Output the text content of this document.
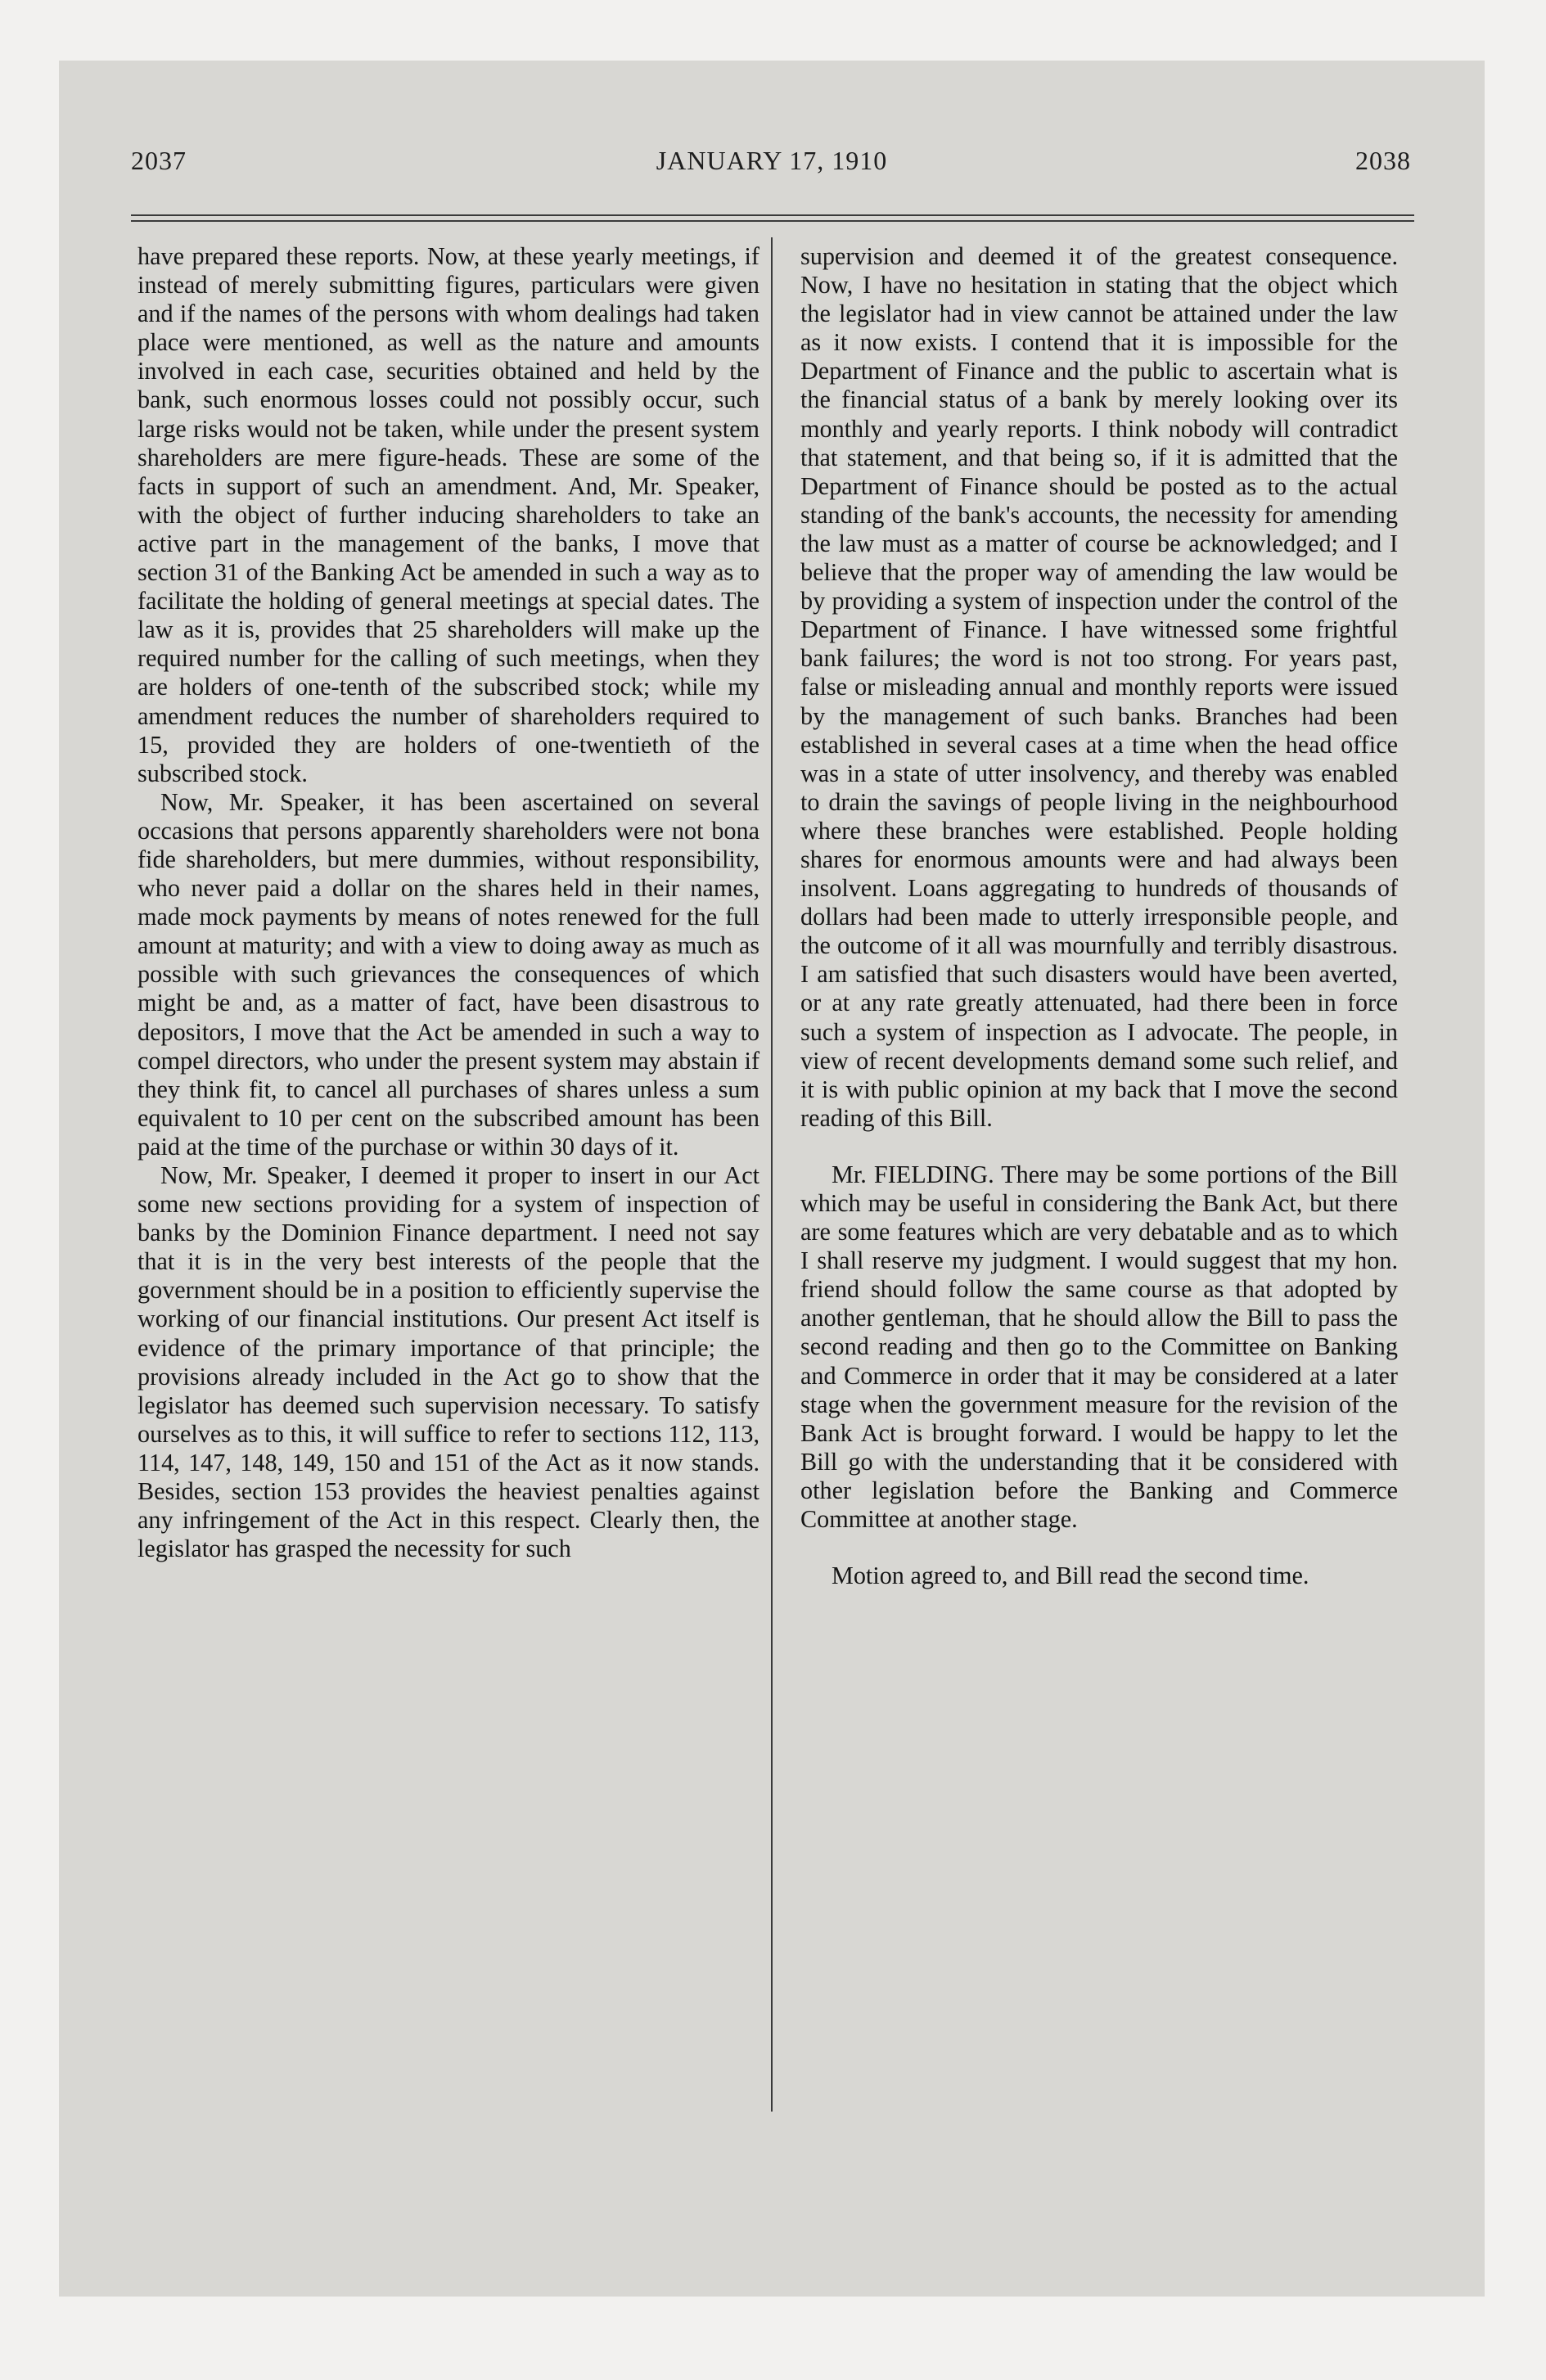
2037	JANUARY 17, 1910	2038

have prepared these reports. Now, at these yearly meetings, if instead of merely submitting figures, particulars were given and if the names of the persons with whom dealings had taken place were mentioned, as well as the nature and amounts involved in each case, securities obtained and held by the bank, such enormous losses could not possibly occur, such large risks would not be taken, while under the present system shareholders are mere figure-heads. These are some of the facts in support of such an amendment. And, Mr. Speaker, with the object of further inducing shareholders to take an active part in the management of the banks, I move that section 31 of the Banking Act be amended in such a way as to facilitate the holding of general meetings at special dates. The law as it is, provides that 25 shareholders will make up the required number for the calling of such meetings, when they are holders of one-tenth of the subscribed stock; while my amendment reduces the number of shareholders required to 15, provided they are holders of one-twentieth of the subscribed stock.

Now, Mr. Speaker, it has been ascertained on several occasions that persons apparently shareholders were not bona fide shareholders, but mere dummies, without responsibility, who never paid a dollar on the shares held in their names, made mock payments by means of notes renewed for the full amount at maturity; and with a view to doing away as much as possible with such grievances the consequences of which might be and, as a matter of fact, have been disastrous to depositors, I move that the Act be amended in such a way to compel directors, who under the present system may abstain if they think fit, to cancel all purchases of shares unless a sum equivalent to 10 per cent on the subscribed amount has been paid at the time of the purchase or within 30 days of it.

Now, Mr. Speaker, I deemed it proper to insert in our Act some new sections providing for a system of inspection of banks by the Dominion Finance department. I need not say that it is in the very best interests of the people that the government should be in a position to efficiently supervise the working of our financial institutions. Our present Act itself is evidence of the primary importance of that principle; the provisions already included in the Act go to show that the legislator has deemed such supervision necessary. To satisfy ourselves as to this, it will suffice to refer to sections 112, 113, 114, 147, 148, 149, 150 and 151 of the Act as it now stands. Besides, section 153 provides the heaviest penalties against any infringement of the Act in this respect. Clearly then, the legislator has grasped the necessity for such

supervision and deemed it of the greatest consequence. Now, I have no hesitation in stating that the object which the legislator had in view cannot be attained under the law as it now exists. I contend that it is impossible for the Department of Finance and the public to ascertain what is the financial status of a bank by merely looking over its monthly and yearly reports. I think nobody will contradict that statement, and that being so, if it is admitted that the Department of Finance should be posted as to the actual standing of the bank's accounts, the necessity for amending the law must as a matter of course be acknowledged; and I believe that the proper way of amending the law would be by providing a system of inspection under the control of the Department of Finance. I have witnessed some frightful bank failures; the word is not too strong. For years past, false or misleading annual and monthly reports were issued by the management of such banks. Branches had been established in several cases at a time when the head office was in a state of utter insolvency, and thereby was enabled to drain the savings of people living in the neighbourhood where these branches were established. People holding shares for enormous amounts were and had always been insolvent. Loans aggregating to hundreds of thousands of dollars had been made to utterly irresponsible people, and the outcome of it all was mournfully and terribly disastrous. I am satisfied that such disasters would have been averted, or at any rate greatly attenuated, had there been in force such a system of inspection as I advocate. The people, in view of recent developments demand some such relief, and it is with public opinion at my back that I move the second reading of this Bill.

Mr. FIELDING. There may be some portions of the Bill which may be useful in considering the Bank Act, but there are some features which are very debatable and as to which I shall reserve my judgment. I would suggest that my hon. friend should follow the same course as that adopted by another gentleman, that he should allow the Bill to pass the second reading and then go to the Committee on Banking and Commerce in order that it may be considered at a later stage when the government measure for the revision of the Bank Act is brought forward. I would be happy to let the Bill go with the understanding that it be considered with other legislation before the Banking and Commerce Committee at another stage.

Motion agreed to, and Bill read the second time.
